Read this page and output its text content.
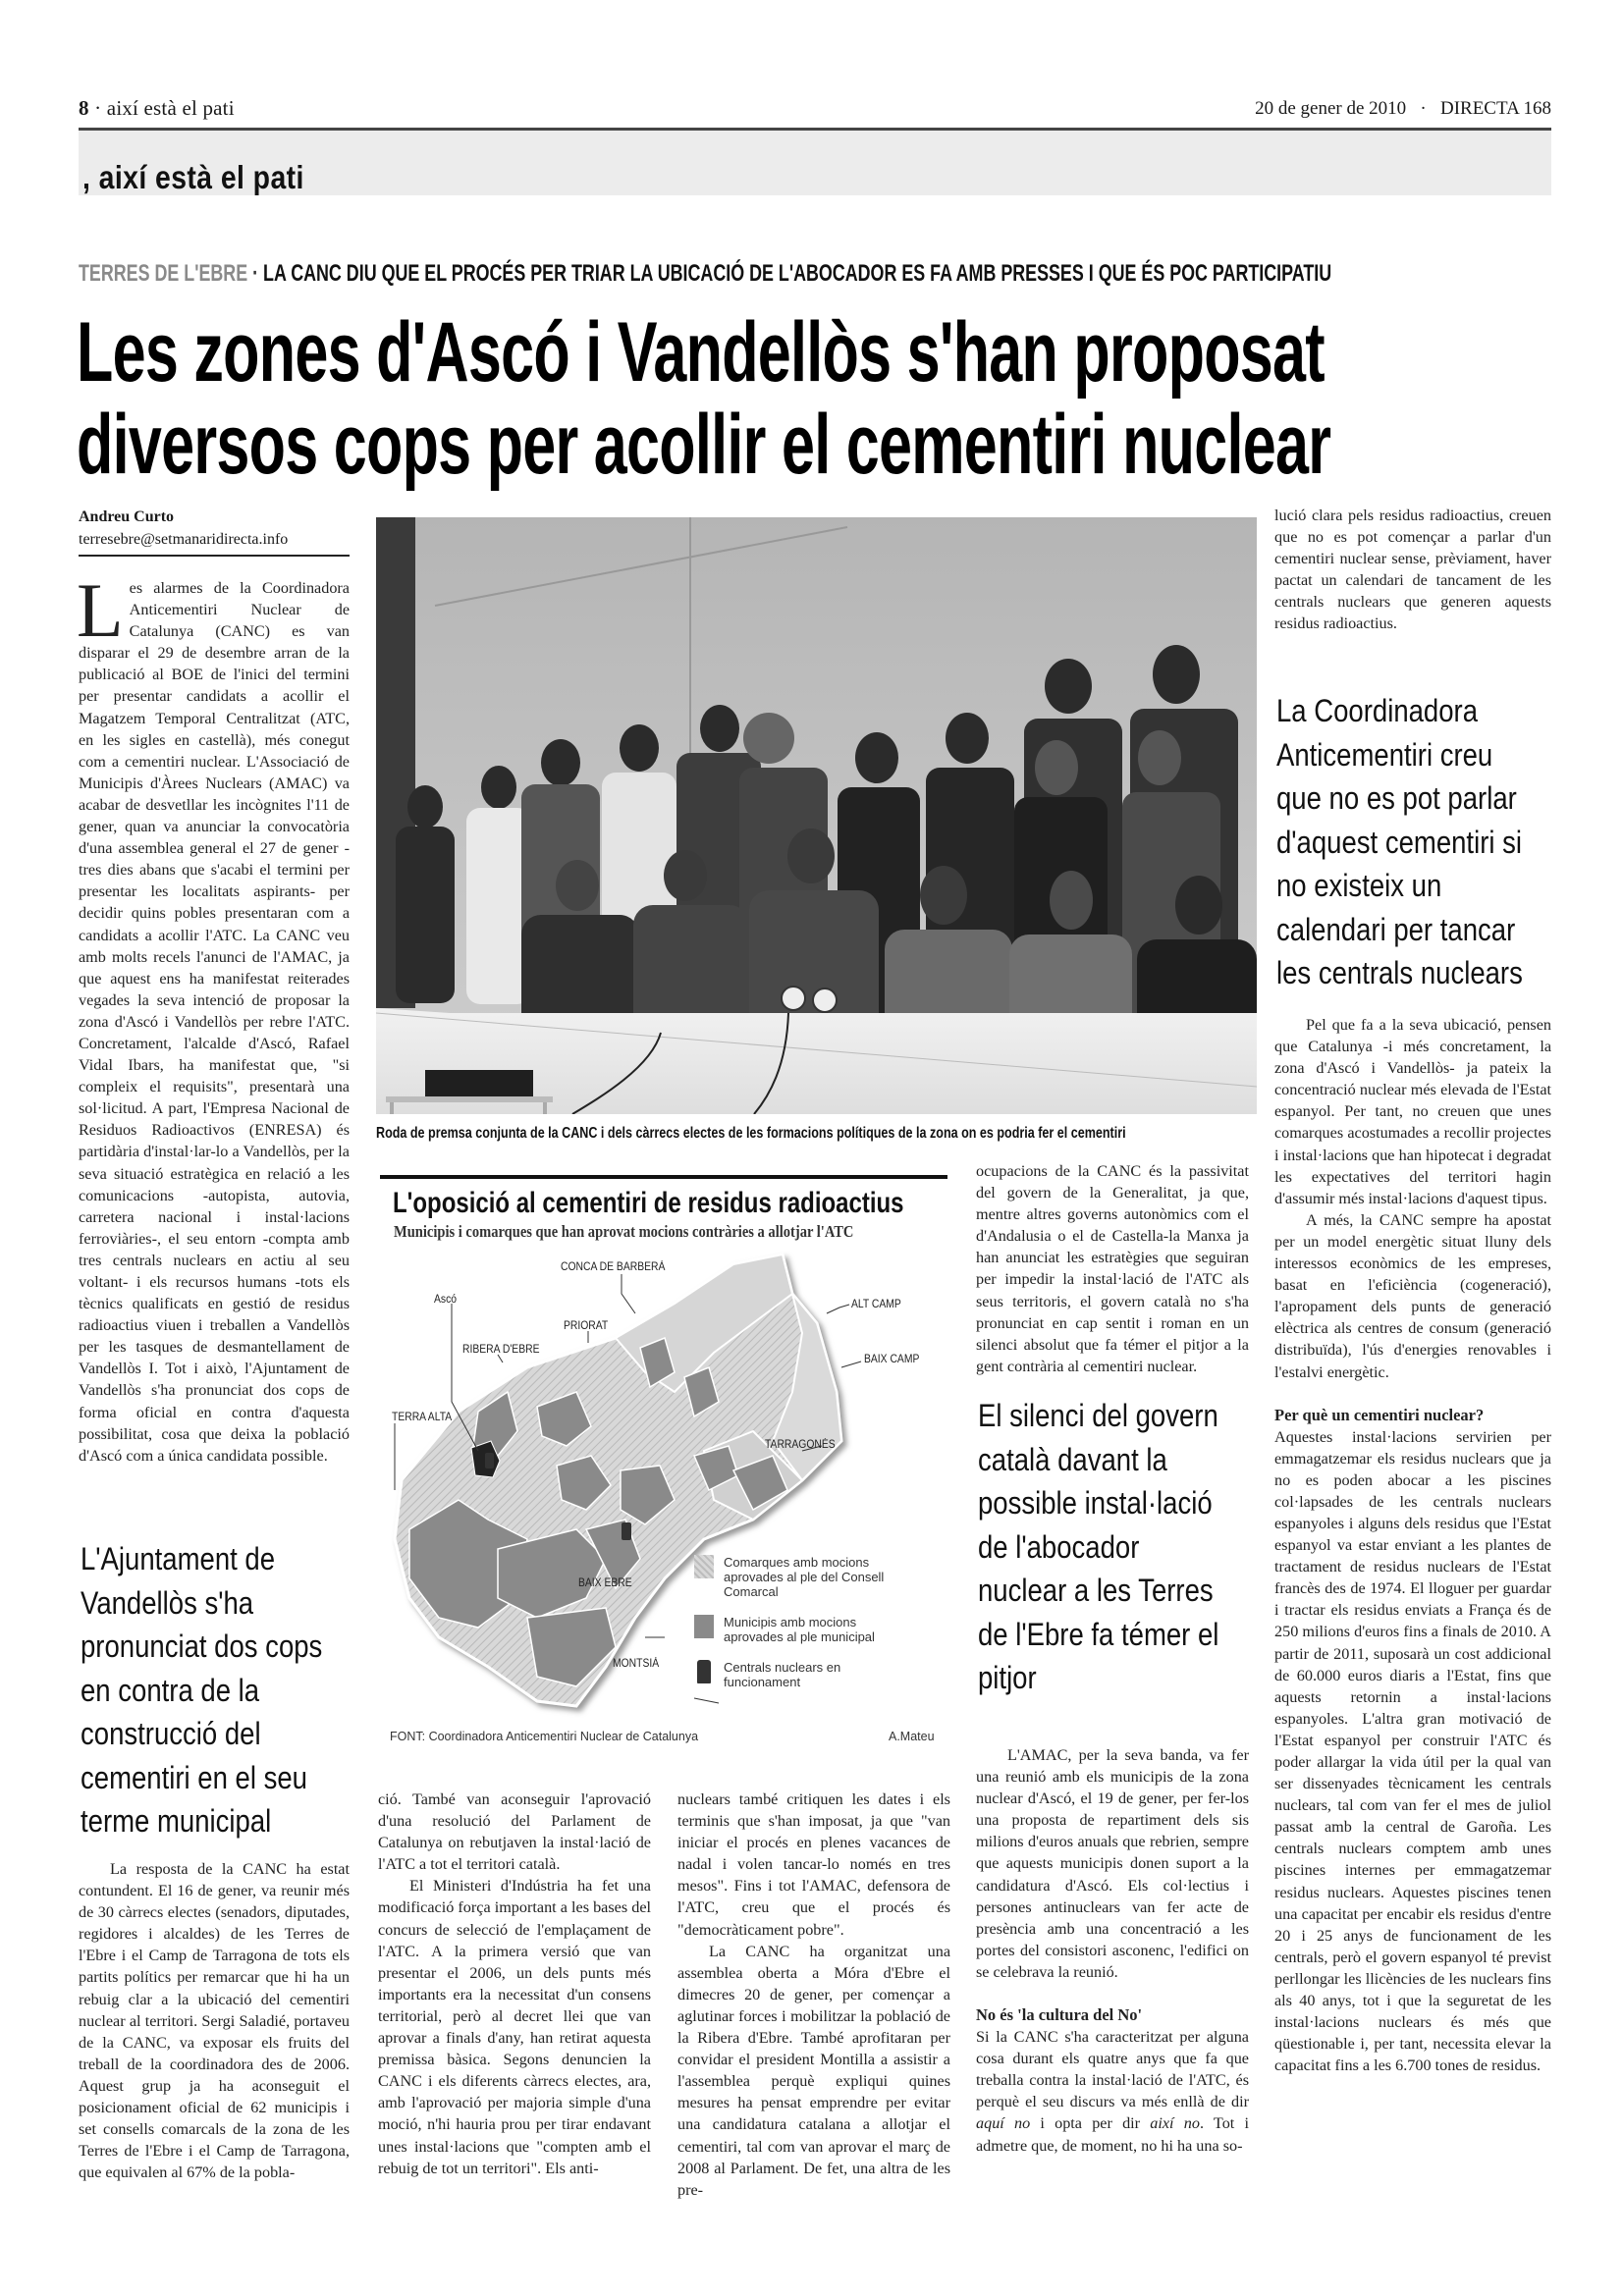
8 · així està el pati	20 de gener de 2010 · DIRECTA 168
, així està el pati
TERRES DE L'EBRE · LA CANC DIU QUE EL PROCÉS PER TRIAR LA UBICACIÓ DE L'ABOCADOR ES FA AMB PRESSES I QUE ÉS POC PARTICIPATIU
Les zones d'Ascó i Vandellòs s'han proposat
diversos cops per acollir el cementiri nuclear
Andreu Curto
terresebre@setmanaridirecta.info

Les alarmes de la Coordinadora Anticementiri Nuclear de Catalunya (CANC) es van disparar el 29 de desembre arran de la publicació al BOE de l'inici del termini per presentar candidats a acollir el Magatzem Temporal Centralitzat (ATC, en les sigles en castellà), més conegut com a cementiri nuclear. L'Associació de Municipis d'Àrees Nuclears (AMAC) va acabar de desvetllar les incògnites l'11 de gener, quan va anunciar la convocatòria d'una assemblea general el 27 de gener -tres dies abans que s'acabi el termini per presentar les localitats aspirants- per decidir quins pobles presentaran com a candidats a acollir l'ATC. La CANC veu amb molts recels l'anunci de l'AMAC, ja que aquest ens ha manifestat reiterades vegades la seva intenció de proposar la zona d'Ascó i Vandellòs per rebre l'ATC. Concretament, l'alcalde d'Ascó, Rafael Vidal Ibars, ha manifestat que, "si compleix el requisits", presentarà una sol·licitud. A part, l'Empresa Nacional de Residuos Radioactivos (ENRESA) és partidària d'instal·lar-lo a Vandellòs, per la seva situació estratègica en relació a les comunicacions -autopista, autovia, carretera nacional i instal·lacions ferroviàries-, el seu entorn -compta amb tres centrals nuclears en actiu al seu voltant- i els recursos humans -tots els tècnics qualificats en gestió de residus radioactius viuen i treballen a Vandellòs per les tasques de desmantellament de Vandellòs I. Tot i això, l'Ajuntament de Vandellòs s'ha pronunciat dos cops de forma oficial en contra d'aquesta possibilitat, cosa que deixa la població d'Ascó com a única candidata possible.

L'Ajuntament de Vandellòs s'ha pronunciat dos cops en contra de la construcció del cementiri en el seu terme municipal

La resposta de la CANC ha estat contundent. El 16 de gener, va reunir més de 30 càrrecs electes (senadors, diputades, regidores i alcaldes) de les Terres de l'Ebre i el Camp de Tarragona de tots els partits polítics per remarcar que hi ha un rebuig clar a la ubicació del cementiri nuclear al territori. Sergi Saladié, portaveu de la CANC, va exposar els fruits del treball de la coordinadora des de 2006. Aquest grup ja ha aconseguit el posicionament oficial de 62 municipis i set consells comarcals de la zona de les Terres de l'Ebre i el Camp de Tarragona, que equivalen al 67% de la pobla-

Roda de premsa conjunta de la CANC i dels càrrecs electes de les formacions polítiques de la zona on es podria fer el cementiri
L'oposició al cementiri de residus radioactius
Municipis i comarques que han aprovat mocions contràries a allotjar l'ATC
CONCA DE BARBERÀ
ALT CAMP
Ascó
PRIORAT
BAIX CAMP
RIBERA D'EBRE
TERRA ALTA
TARRAGONÈS
BAIX EBRE
MONTSIÀ
Comarques amb mocions aprovades al ple del Consell Comarcal
Municipis amb mocions aprovades al ple municipal
Centrals nuclears en funcionament
FONT: Coordinadora Anticementiri Nuclear de Catalunya	A.Mateu

ció. També van aconseguir l'aprovació d'una resolució del Parlament de Catalunya on rebutjaven la instal·lació de l'ATC a tot el territori català.

El Ministeri d'Indústria ha fet una modificació força important a les bases del concurs de selecció de l'emplaçament de l'ATC. A la primera versió que van presentar el 2006, un dels punts més importants era la necessitat d'un consens territorial, però al decret llei que van aprovar a finals d'any, han retirat aquesta premissa bàsica. Segons denuncien la CANC i els diferents càrrecs electes, ara, amb l'aprovació per majoria simple d'una moció, n'hi hauria prou per tirar endavant unes instal·lacions que "compten amb el rebuig de tot un territori". Els anti-

nuclears també critiquen les dates i els terminis que s'han imposat, ja que "van iniciar el procés en plenes vacances de nadal i volen tancar-lo només en tres mesos". Fins i tot l'AMAC, defensora de l'ATC, creu que el procés és "democràticament pobre".

La CANC ha organitzat una assemblea oberta a Móra d'Ebre el dimecres 20 de gener, per començar a aglutinar forces i mobilitzar la població de la Ribera d'Ebre. També aprofitaran per convidar el president Montilla a assistir a l'assemblea perquè expliqui quines mesures ha pensat emprendre per evitar una candidatura catalana a allotjar el cementiri, tal com van aprovar el març de 2008 al Parlament. De fet, una altra de les pre-

ocupacions de la CANC és la passivitat del govern de la Generalitat, ja que, mentre altres governs autonòmics com el d'Andalusia o el de Castella-la Manxa ja han anunciat les estratègies que seguiran per impedir la instal·lació de l'ATC als seus territoris, el govern català no s'ha pronunciat en cap sentit i roman en un silenci absolut que fa témer el pitjor a la gent contrària al cementiri nuclear.

El silenci del govern català davant la possible instal·lació de l'abocador nuclear a les Terres de l'Ebre fa témer el pitjor

L'AMAC, per la seva banda, va fer una reunió amb els municipis de la zona nuclear d'Ascó, el 19 de gener, per fer-los una proposta de repartiment dels sis milions d'euros anuals que rebrien, sempre que aquests municipis donen suport a la candidatura d'Ascó. Els col·lectius i persones antinuclears van fer acte de presència amb una concentració a les portes del consistori asconenc, l'edifici on se celebrava la reunió.

No és 'la cultura del No'

Si la CANC s'ha caracteritzat per alguna cosa durant els quatre anys que fa que treballa contra la instal·lació de l'ATC, és perquè el seu discurs va més enllà de dir aquí no i opta per dir així no. Tot i admetre que, de moment, no hi ha una so-

lució clara pels residus radioactius, creuen que no es pot començar a parlar d'un cementiri nuclear sense, prèviament, haver pactat un calendari de tancament de les centrals nuclears que generen aquests residus radioactius.

La Coordinadora Anticementiri creu que no es pot parlar d'aquest cementiri si no existeix un calendari per tancar les centrals nuclears

Pel que fa a la seva ubicació, pensen que Catalunya -i més concretament, la zona d'Ascó i Vandellòs- ja pateix la concentració nuclear més elevada de l'Estat espanyol. Per tant, no creuen que unes comarques acostumades a recollir projectes i instal·lacions que han hipotecat i degradat les expectatives del territori hagin d'assumir més instal·lacions d'aquest tipus.

A més, la CANC sempre ha apostat per un model energètic situat lluny dels interessos econòmics de les empreses, basat en l'eficiència (cogeneració), l'apropament dels punts de generació elèctrica als centres de consum (generació distribuïda), l'ús d'energies renovables i l'estalvi energètic.

Per què un cementiri nuclear?

Aquestes instal·lacions servirien per emmagatzemar els residus nuclears que ja no es poden abocar a les piscines col·lapsades de les centrals nuclears espanyoles i alguns dels residus que l'Estat espanyol va estar enviant a les plantes de tractament de residus nuclears de l'Estat francès des de 1974. El lloguer per guardar i tractar els residus enviats a França és de 250 milions d'euros fins a finals de 2010. A partir de 2011, suposarà un cost addicional de 60.000 euros diaris a l'Estat, fins que aquests retornin a instal·lacions espanyoles. L'altra gran motivació de l'Estat espanyol per construir l'ATC és poder allargar la vida útil per la qual van ser dissenyades tècnicament les centrals nuclears, tal com van fer el mes de juliol passat amb la central de Garoña. Les centrals nuclears comptem amb unes piscines internes per emmagatzemar residus nuclears. Aquestes piscines tenen una capacitat per encabir els residus d'entre 20 i 25 anys de funcionament de les centrals, però el govern espanyol té previst perllongar les llicències de les nuclears fins als 40 anys, tot i que la seguretat de les instal·lacions nuclears és més que qüestionable i, per tant, necessita elevar la capacitat fins a les 6.700 tones de residus.
